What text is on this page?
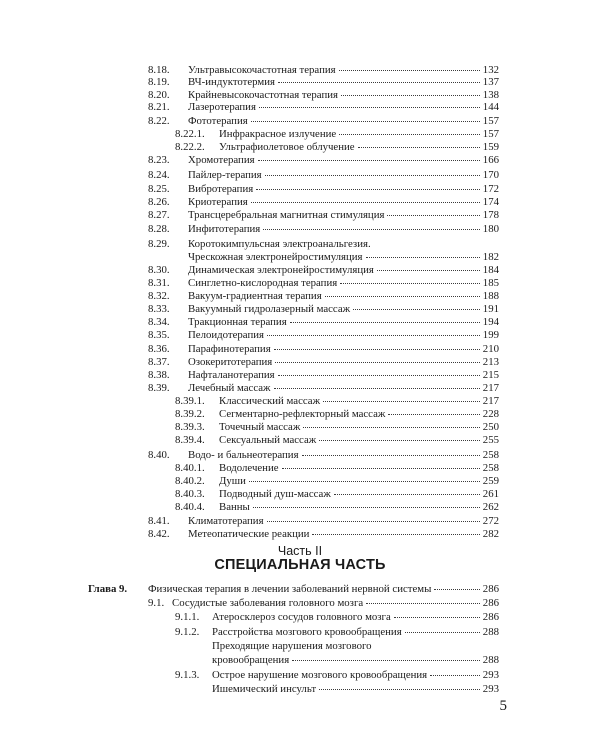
8.18. Ультравысокочастотная терапия	132
8.19. ВЧ-индуктотермия	137
8.20. Крайневысокочастотная терапия	138
8.21. Лазеротерапия	144
8.22. Фототерапия	157
8.22.1. Инфракрасное излучение	157
8.22.2. Ультрафиолетовое облучение	159
8.23. Хромотерапия	166
8.24. Пайлер-терапия	170
8.25. Вибротерапия	172
8.26. Криотерапия	174
8.27. Трансцеребральная магнитная стимуляция	178
8.28. Инфитотерапия	180
8.29. Коротокимпульсная электроанальгезия.
Чрескожная электронейростимуляция	182
8.30. Динамическая электронейростимуляция	184
8.31. Синглетно-кислородная терапия	185
8.32. Вакуум-градиентная терапия	188
8.33. Вакуумный гидролазерный массаж	191
8.34. Тракционная терапия	194
8.35. Пелоидотерапия	199
8.36. Парафинотерапия	210
8.37. Озокеритотерапия	213
8.38. Нафталанотерапия	215
8.39. Лечебный массаж	217
8.39.1. Классический массаж	217
8.39.2. Сегментарно-рефлекторный массаж	228
8.39.3. Точечный массаж	250
8.39.4. Сексуальный массаж	255
8.40. Водо- и бальнеотерапия	258
8.40.1. Водолечение	258
8.40.2. Души	259
8.40.3. Подводный душ-массаж	261
8.40.4. Ванны	262
8.41. Климатотерапия	272
8.42. Метеопатические реакции	282
Часть II
СПЕЦИАЛЬНАЯ ЧАСТЬ
Глава 9. Физическая терапия в лечении заболеваний нервной системы	286
9.1. Сосудистые заболевания головного мозга	286
9.1.1. Атеросклероз сосудов головного мозга	286
9.1.2. Расстройства мозгового кровообращения	288
Преходящие нарушения мозгового
кровообращения	288
9.1.3. Острое нарушение мозгового кровообращения	293
Ишемический инсульт	293
5
